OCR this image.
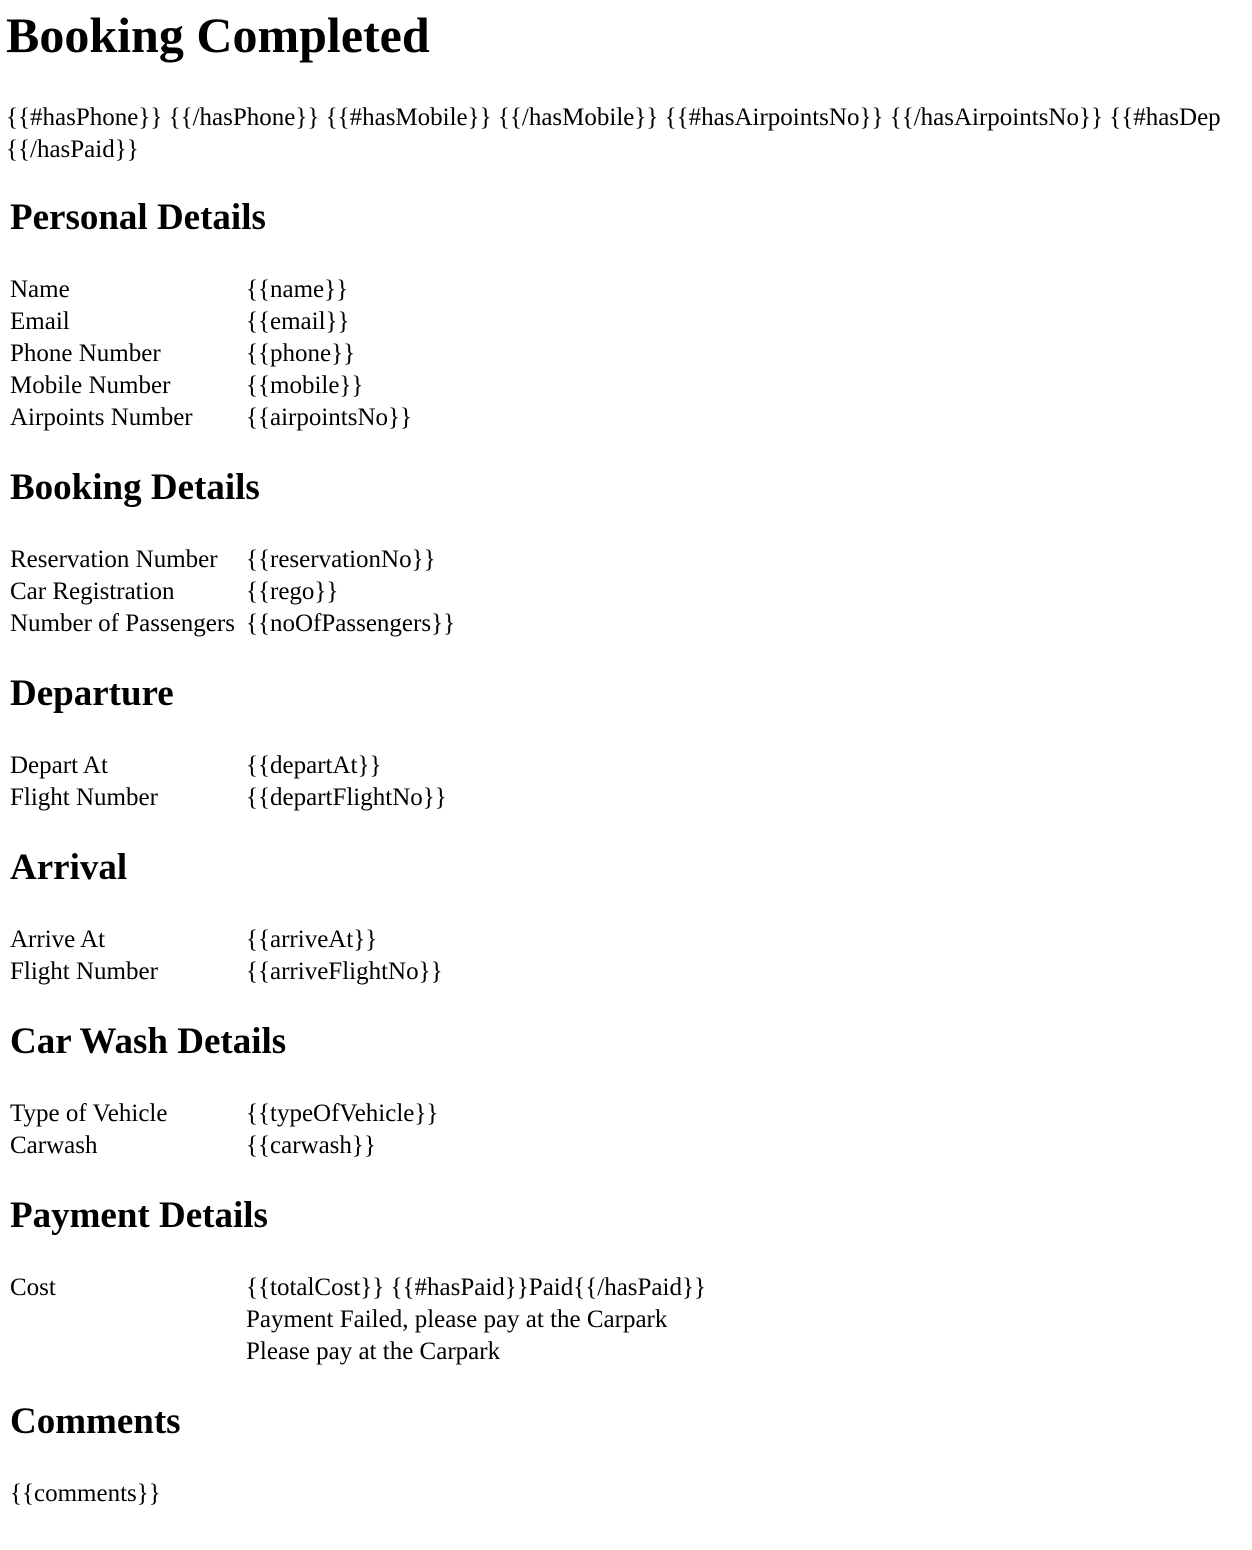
Booking Completed
{{#hasPhone}} {{/hasPhone}} {{#hasMobile}} {{/hasMobile}} {{#hasAirpointsNo}} {{/hasAirpointsNo}} {{#hasDep
{{/hasPaid}}
Personal Details
Name	{{name}}
Email	{{email}}
Phone Number	{{phone}}
Mobile Number	{{mobile}}
Airpoints Number	{{airpointsNo}}
Booking Details
Reservation Number	{{reservationNo}}
Car Registration	{{rego}}
Number of Passengers	{{noOfPassengers}}
Departure
Depart At	{{departAt}}
Flight Number	{{departFlightNo}}
Arrival
Arrive At	{{arriveAt}}
Flight Number	{{arriveFlightNo}}
Car Wash Details
Type of Vehicle	{{typeOfVehicle}}
Carwash	{{carwash}}
Payment Details
Cost	{{totalCost}} {{#hasPaid}}Paid{{/hasPaid}}
Payment Failed, please pay at the Carpark
Please pay at the Carpark
Comments
{{comments}}
